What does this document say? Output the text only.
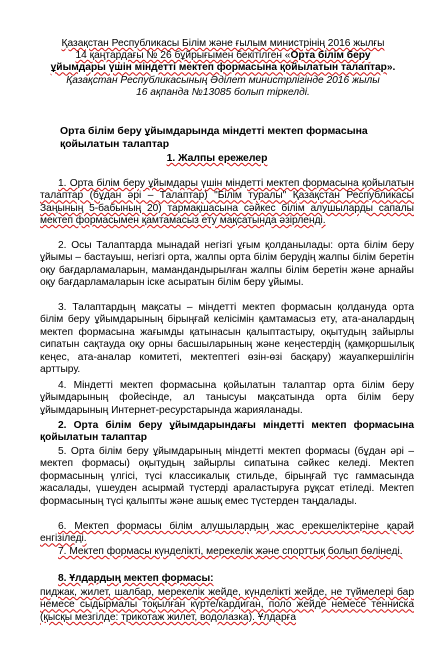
Қазақстан Республикасы Білім және ғылым министрінің 2016 жылғы
14 қаңтардағы № 26 бұйрығымен бекітілген «Орта білім беру
ұйымдары үшін міндетті мектеп формасына қойылатын талаптар».
Қазақстан Республикасының Әділет министрлігінде 2016 жылы
16 ақпанда №13085 болып тіркелді.
Орта білім беру ұйымдарында міндетті мектеп формасына қойылатын талаптар
1. Жалпы ережелер
1. Орта білім беру ұйымдары үшін міндетті мектеп формасына қойылатын талаптар (бұдан әрі – Талаптар) "Білім туралы" Қазақстан Республикасы Заңының 5-бабының 20) тармақшасына сәйкес білім алушыларды сапалы мектеп формасымен қамтамасыз ету мақсатында әзірленді.
2. Осы Талаптарда мынадай негізгі ұғым қолданылады: орта білім беру ұйымы – бастауыш, негізгі орта, жалпы орта білім берудің жалпы білім беретін оқу бағдарламаларын, мамандандырылған жалпы білім беретін және арнайы оқу бағдарламаларын іске асыратын білім беру ұйымы.
3. Талаптардың мақсаты – міндетті мектеп формасын қолдануда орта білім беру ұйымдарының бірыңғай келісімін қамтамасыз ету, ата-аналардың мектеп формасына жағымды қатынасын қалыптастыру, оқытудың зайырлы сипатын сақтауда оқу орны басшыларының және кеңестердің (қамқоршылық кеңес, ата-аналар комитеті, мектептегі өзін-өзі басқару) жауапкершілігін арттыру.
4. Міндетті мектеп формасына қойылатын талаптар орта білім беру ұйымдарының фойесінде, ал танысуы мақсатында орта білім беру ұйымдарының Интернет-ресурстарында жарияланады.
2. Орта білім беру ұйымдарындағы міндетті мектеп формасына қойылатын талаптар
5. Орта білім беру ұйымдарының міндетті мектеп формасы (бұдан әрі – мектеп формасы) оқытудың зайырлы сипатына сәйкес келеді. Мектеп формасының үлгісі, түсі классикалық стильде, бірыңғай түс гаммасында жасалады, үшеуден асырмай түстерді араластыруға рұқсат етіледі. Мектеп формасының түсі қалыпты және ашық емес түстерден таңдалады.
6. Мектеп формасы білім алушылардың жас ерекшеліктеріне қарай енгізіледі.
7. Мектеп формасы күнделікті, мерекелік және спорттық болып бөлінеді.
8. Ұлдардың мектеп формасы:
пиджак, жилет, шалбар, мерекелік жейде, күнделікті жейде, не түймелері бар немесе сыдырмалы тоқылған күрте/кардиган, поло жейде немесе тенниска (қысқы мезгілде: трикотаж жилет, водолазка). Ұлдарға
